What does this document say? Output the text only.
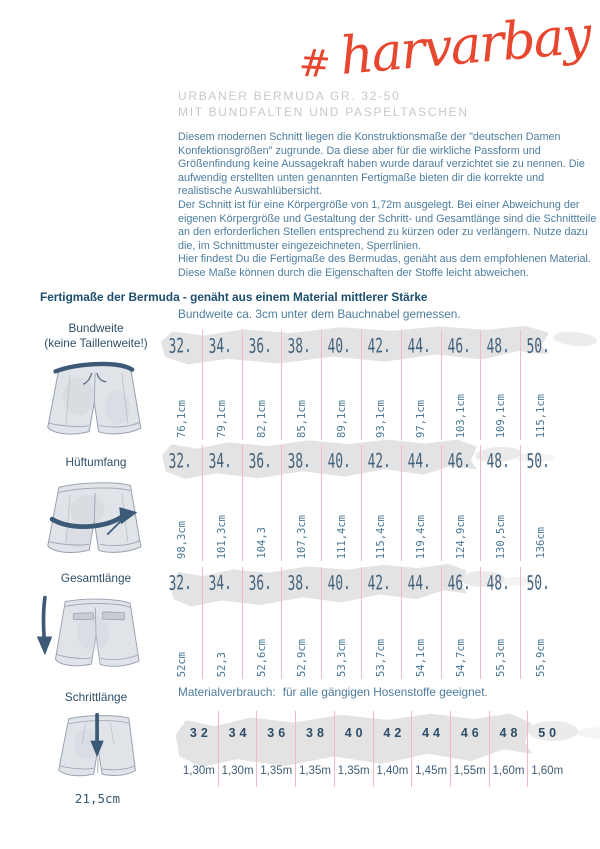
# harvarbay
URBANER BERMUDA GR. 32-50
MIT BUNDFALTEN UND PASPELTASCHEN

Diesem modernen Schnitt liegen die Konstruktionsmaße der "deutschen Damen Konfektionsgrößen" zugrunde. Da diese aber für die wirkliche Passform und Größenfindung keine Aussagekraft haben wurde darauf verzichtet sie zu nennen. Die aufwendig erstellten unten genannten Fertigmaße bieten dir die korrekte und realistische Auswahlübersicht.

Der Schnitt ist für eine Körpergröße von 1,72m ausgelegt. Bei einer Abweichung der eigenen Körpergröße und Gestaltung der Schritt- und Gesamtlänge sind die Schnittteile an den erforderlichen Stellen entsprechend zu kürzen oder zu verlängern. Nutze dazu die, im Schnittmuster eingezeichneten, Sperrlinien.

Hier findest Du die Fertigmaße des Bermudas, genäht aus dem empfohlenen Material. Diese Maße können durch die Eigenschaften der Stoffe leicht abweichen.

Fertigmaße der Bermuda - genäht aus einem Material mittlerer Stärke
Bundweite ca. 3cm unter dem Bauchnabel gemessen.
Bundweite
(keine Taillenweite!)
Hüftumfang
Gesamtlänge
Schrittlänge
21,5cm
32.
76,1cm
34.
79,1cm
36.
82,1cm
38.
85,1cm
40.
89,1cm
42.
93,1cm
44.
97,1cm
46.
103,1cm
48.
109,1cm
50.
115,1cm
32.
98,3cm
34.
101,3cm
36.
104,3
38.
107,3cm
40.
111,4cm
42.
115,4cm
44.
119,4cm
46.
124,9cm
48.
130,5cm
50.
136cm
32.
52cm
34.
52,3
36.
52,6cm
38.
52,9cm
40.
53,3cm
42.
53,7cm
44.
54,1cm
46.
54,7cm
48.
55,3cm
50.
55,9cm
Materialverbrauch: für alle gängigen Hosenstoffe geeignet.
32
1,30m
34
1,30m
36
1,35m
38
1,35m
40
1,35m
42
1,40m
44
1,45m
46
1,55m
48
1,60m
50
1,60m
